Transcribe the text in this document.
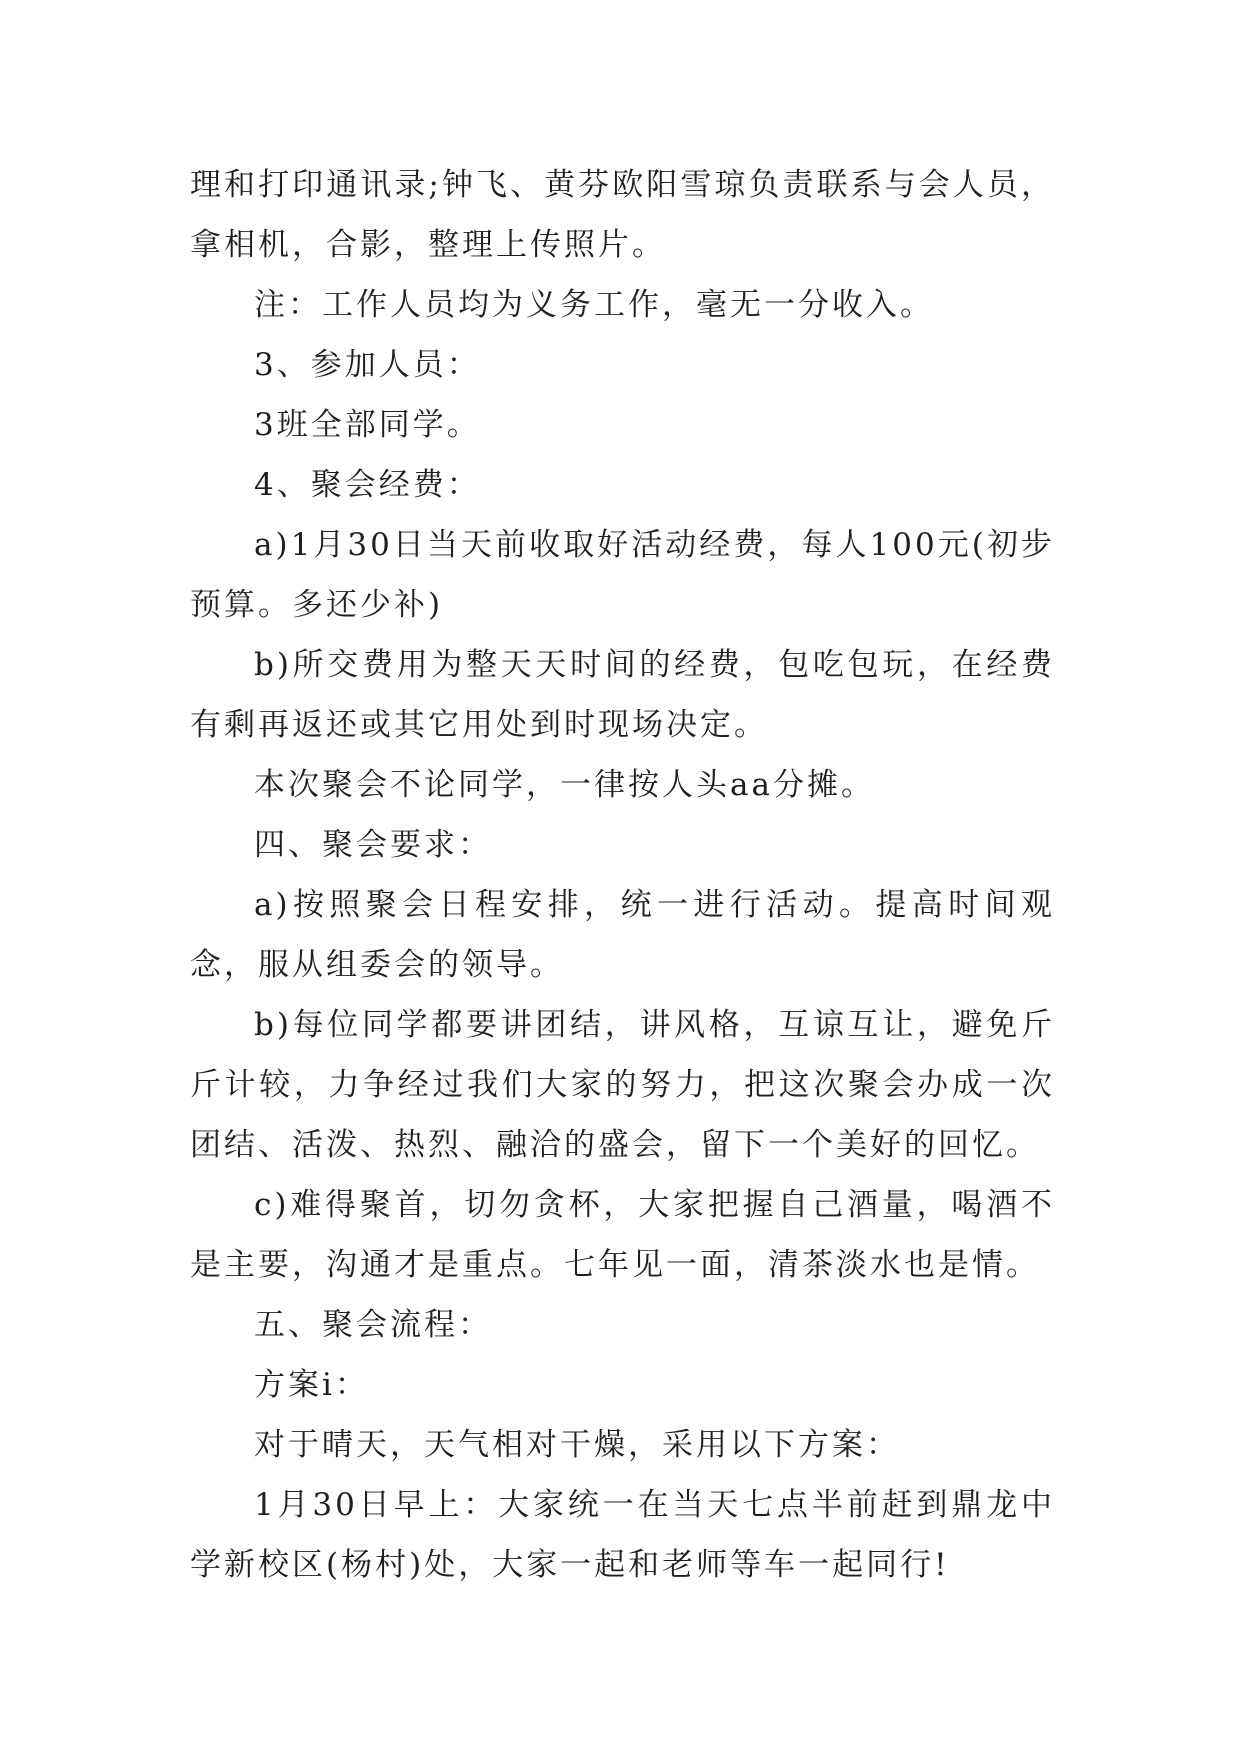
理和打印通讯录;钟飞、黄芬欧阳雪琼负责联系与会人员，拿相机，合影，整理上传照片。

注：工作人员均为义务工作，毫无一分收入。

3、参加人员：

3班全部同学。

4、聚会经费：

a)1月30日当天前收取好活动经费，每人100元(初步预算。多还少补)

b)所交费用为整天天时间的经费，包吃包玩，在经费有剩再返还或其它用处到时现场决定。

本次聚会不论同学，一律按人头aa分摊。

四、聚会要求：

a)按照聚会日程安排，统一进行活动。提高时间观念，服从组委会的领导。

b)每位同学都要讲团结，讲风格，互谅互让，避免斤斤计较，力争经过我们大家的努力，把这次聚会办成一次团结、活泼、热烈、融洽的盛会，留下一个美好的回忆。

c)难得聚首，切勿贪杯，大家把握自己酒量，喝酒不是主要，沟通才是重点。七年见一面，清茶淡水也是情。

五、聚会流程：

方案ⅰ：

对于晴天，天气相对干燥，采用以下方案：

1月30日早上：大家统一在当天七点半前赶到鼎龙中学新校区(杨村)处，大家一起和老师等车一起同行!
